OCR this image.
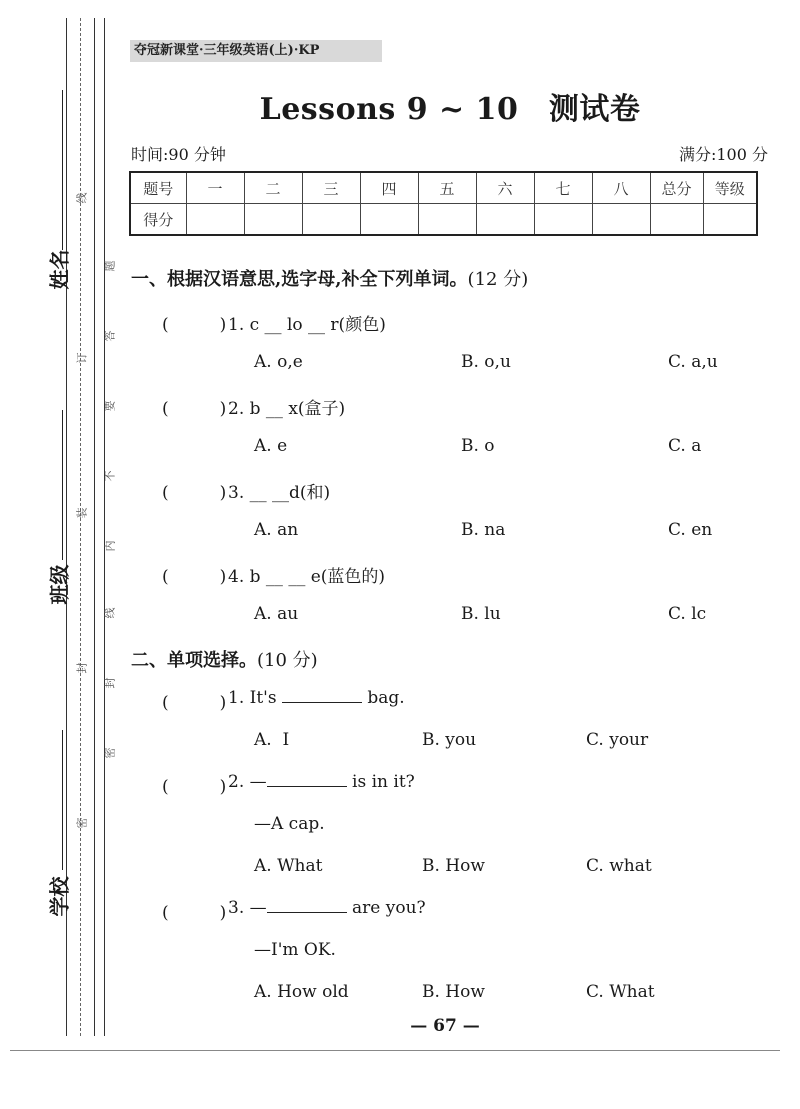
姓名
班级
学校
线
订
装
封
密
题
答
要
不
内
线
封
密
夺冠新课堂·三年级英语(上)·KP
Lessons 9 ~ 10　测试卷
时间:90 分钟	满分:100 分
题号	一	二	三	四	五	六	七	八	总分	等级
得分										
一、根据汉语意思,选字母,补全下列单词。(12 分)
(　　　) 1. c __ lo __ r(颜色)
A. o,e	B. o,u	C. a,u
(　　　) 2. b __ x(盒子)
A. e	B. o	C. a
(　　　) 3. __ __d(和)
A. an	B. na	C. en
(　　　) 4. b __ __ e(蓝色的)
A. au	B. lu	C. lc
二、单项选择。(10 分)
(　　　) 1. It's	bag.
A.  I	B. you	C. your
(　　　) 2. —	is in it?
—A cap.
A. What	B. How	C. what
(　　　) 3. —	are you?
—I'm OK.
A. How old	B. How	C. What
— 67 —
